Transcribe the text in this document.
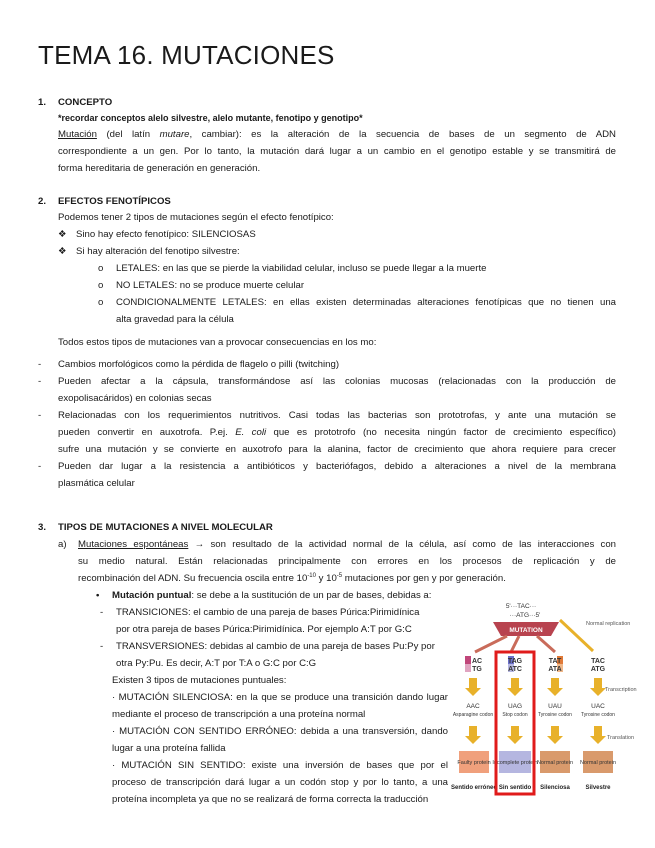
TEMA 16. MUTACIONES
1. CONCEPTO
*recordar conceptos alelo silvestre, alelo mutante, fenotipo y genotipo*
Mutación (del latín mutare, cambiar): es la alteración de la secuencia de bases de un segmento de ADN
correspondiente a un gen. Por lo tanto, la mutación dará lugar a un cambio en el genotipo estable y se transmitirá de
forma hereditaria de generación en generación.
2. EFECTOS FENOTÍPICOS
Podemos tener 2 tipos de mutaciones según el efecto fenotípico:
❖ Sino hay efecto fenotípico: SILENCIOSAS
❖ Si hay alteración del fenotipo silvestre:
o LETALES: en las que se pierde la viabilidad celular, incluso se puede llegar a la muerte
o NO LETALES: no se produce muerte celular
o CONDICIONALMENTE LETALES: en ellas existen determinadas alteraciones fenotípicas que no tienen una
alta gravedad para la célula
Todos estos tipos de mutaciones van a provocar consecuencias en los mo:
- Cambios morfológicos como la pérdida de flagelo o pilli (twitching)
- Pueden afectar a la cápsula, transformándose así las colonias mucosas (relacionadas con la producción de
exopolisacáridos) en colonias secas
- Relacionadas con los requerimientos nutritivos. Casi todas las bacterias son prototrofas, y ante una mutación se
pueden convertir en auxotrofa. P.ej. E. coli que es prototrofo (no necesita ningún factor de crecimiento específico)
sufre una mutación y se convierte en auxotrofo para la alanina, factor de crecimiento que ahora requiere para crecer
- Pueden dar lugar a la resistencia a antibióticos y bacteriófagos, debido a alteraciones a nivel de la membrana
plasmática celular
3. TIPOS DE MUTACIONES A NIVEL MOLECULAR
a) Mutaciones espontáneas → son resultado de la actividad normal de la célula, así como de las interacciones con
su medio natural. Están relacionadas principalmente con errores en los procesos de replicación y de
recombinación del ADN. Su frecuencia oscila entre $10^{-10}$ y $10^{-5}$ mutaciones por gen y por generación.
• Mutación puntual: se debe a la sustitución de un par de bases, debidas a:
- TRANSICIONES: el cambio de una pareja de bases Púrica:Pirimidínica
por otra pareja de bases Púrica:Pirimidínica. Por ejemplo A:T por G:C
- TRANSVERSIONES: debidas al cambio de una pareja de bases Pu:Py por
otra Py:Pu. Es decir, A:T por T:A o G:C por C:G
Existen 3 tipos de mutaciones puntuales:
· MUTACIÓN SILENCIOSA: en la que se produce una transición dando lugar
mediante el proceso de transcripción a una proteína normal
· MUTACIÓN CON SENTIDO ERRÓNEO: debida a una transversión, dando
lugar a una proteína fallida
· MUTACIÓN SIN SENTIDO: existe una inversión de bases que por el
proceso de transcripción dará lugar a un codón stop y por lo tanto, a una
proteína incompleta ya que no se realizará de forma correcta la traducción
5'···TAC···
···ATG···5'
MUTATION
Normal replication
AC
TG
TAG
ATC
TAT
ATA
TAC
ATG
Transcription
AAC
Asparagine codon
UAG
Stop codon
UAU
Tyrosine codon
UAC
Tyrosine codon
Translation
Faulty protein Incomplete protein Normal protein Normal protein
Sentido erróneo Sin sentido Silenciosa	Silvestre
